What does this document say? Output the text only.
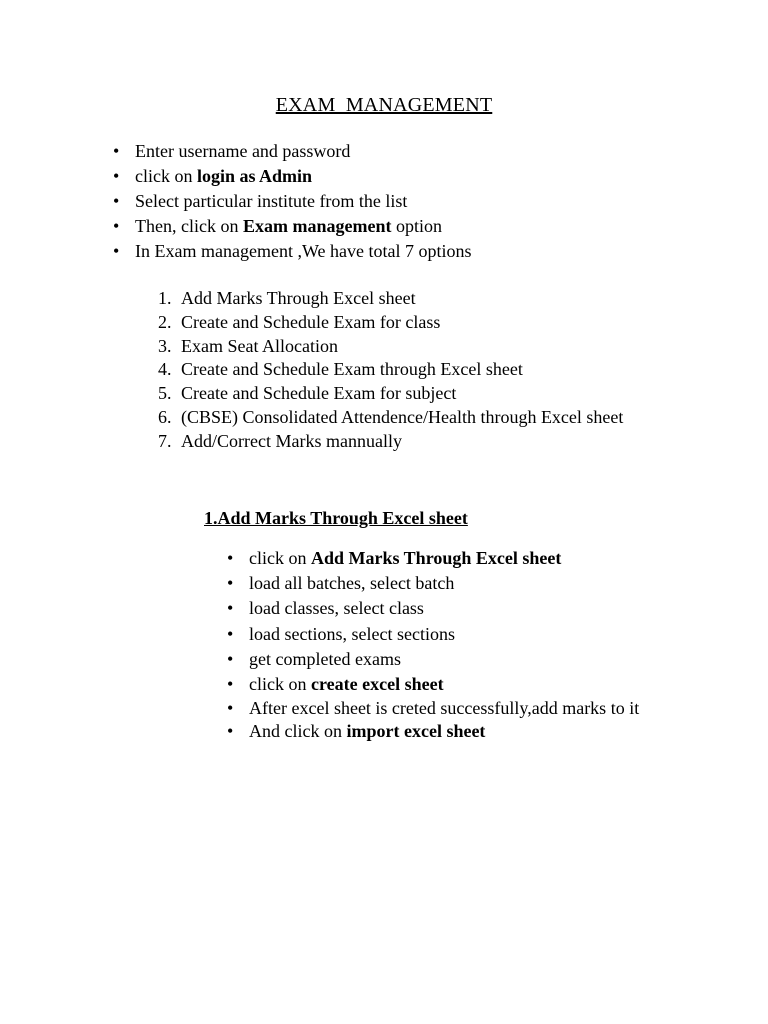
EXAM  MANAGEMENT
• Enter username and password
• click on login as Admin
• Select particular institute from the list
• Then, click on Exam management option
• In Exam management ,We have total 7 options
1. Add Marks Through Excel sheet
2. Create and Schedule Exam for class
3. Exam Seat Allocation
4. Create and Schedule Exam through Excel sheet
5. Create and Schedule Exam for subject
6. (CBSE) Consolidated Attendence/Health through Excel sheet
7. Add/Correct Marks mannually
1.Add Marks Through Excel sheet
• click on Add Marks Through Excel sheet
• load all batches, select batch
• load classes, select class
• load sections, select sections
• get completed exams
• click on create excel sheet
• After excel sheet is creted successfully,add marks to it
• And click on import excel sheet
